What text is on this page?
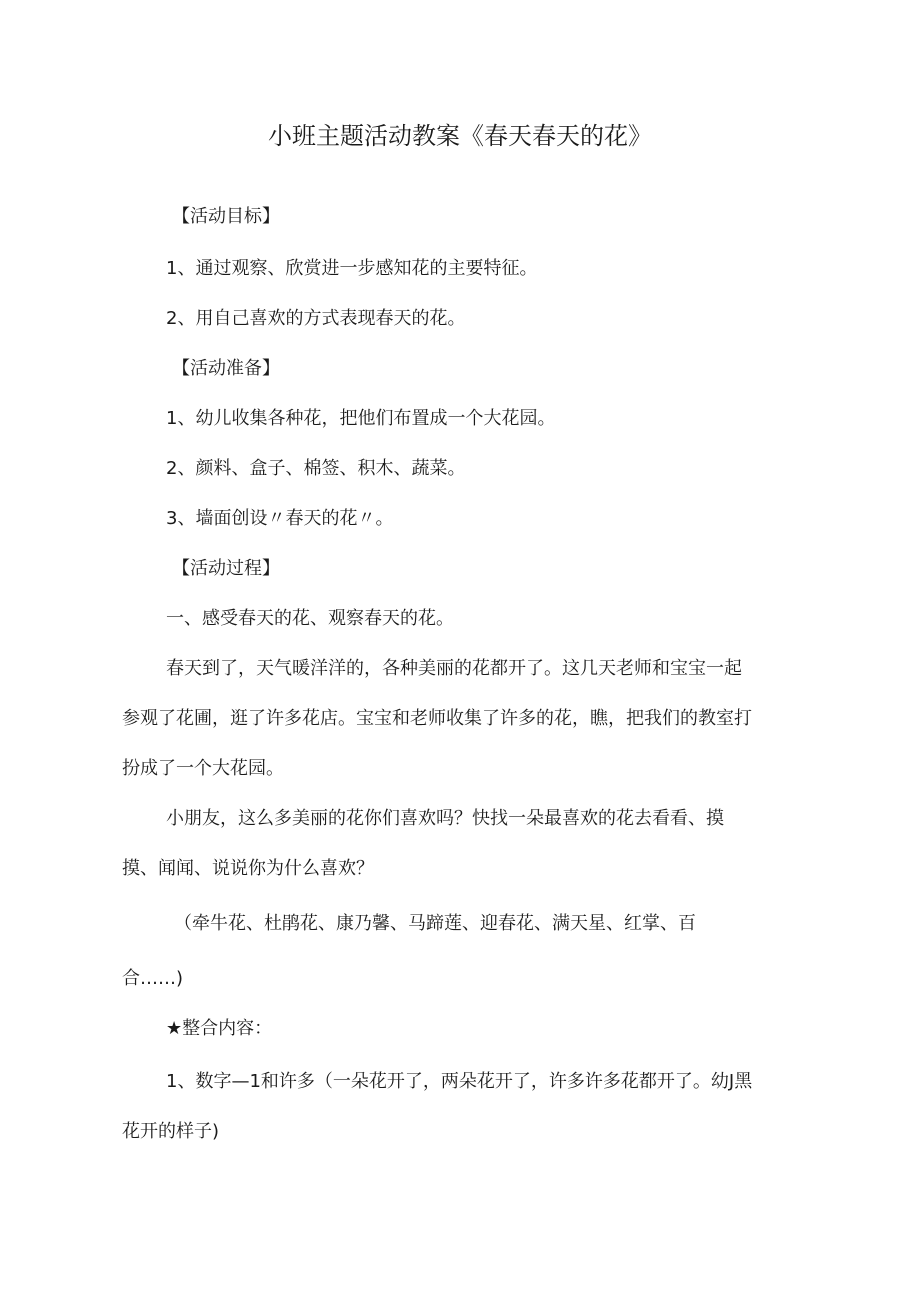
小班主题活动教案《春天春天的花》
【活动目标】
1、通过观察、欣赏进一步感知花的主要特征。
2、用自己喜欢的方式表现春天的花。
【活动准备】
1、幼儿收集各种花，把他们布置成一个大花园。
2、颜料、盒子、棉签、积木、蔬菜。
3、墙面创设〃春天的花〃。
【活动过程】
一、感受春天的花、观察春天的花。
春天到了，天气暖洋洋的，各种美丽的花都开了。这几天老师和宝宝一起
参观了花圃，逛了许多花店。宝宝和老师收集了许多的花，瞧，把我们的教室打
扮成了一个大花园。
小朋友，这么多美丽的花你们喜欢吗？快找一朵最喜欢的花去看看、摸
摸、闻闻、说说你为什么喜欢？
（牵牛花、杜鹃花、康乃馨、马蹄莲、迎春花、满天星、红掌、百
合……)
★整合内容：
1、数字—1和许多（一朵花开了，两朵花开了，许多许多花都开了。幼J黑
花开的样子)
